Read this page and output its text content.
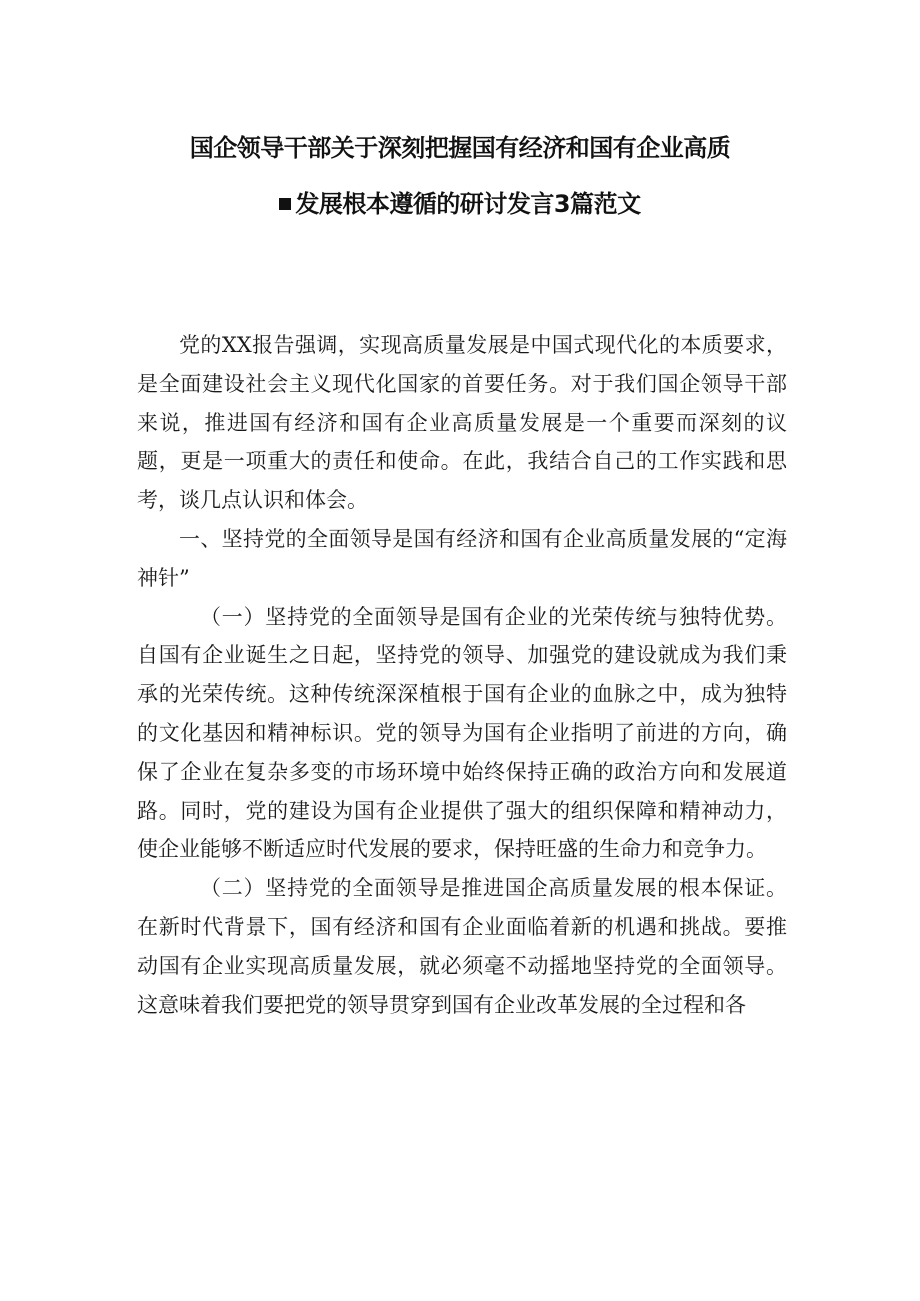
国企领导干部关于深刻把握国有经济和国有企业高质
发展根本遵循的研讨发言3篇范文

党的XX报告强调，实现高质量发展是中国式现代化的本质要求，是全面建设社会主义现代化国家的首要任务。对于我们国企领导干部来说，推进国有经济和国有企业高质量发展是一个重要而深刻的议题，更是一项重大的责任和使命。在此，我结合自己的工作实践和思考，谈几点认识和体会。

一、坚持党的全面领导是国有经济和国有企业高质量发展的“定海神针”

（一）坚持党的全面领导是国有企业的光荣传统与独特优势。自国有企业诞生之日起，坚持党的领导、加强党的建设就成为我们秉承的光荣传统。这种传统深深植根于国有企业的血脉之中，成为独特的文化基因和精神标识。党的领导为国有企业指明了前进的方向，确保了企业在复杂多变的市场环境中始终保持正确的政治方向和发展道路。同时，党的建设为国有企业提供了强大的组织保障和精神动力，使企业能够不断适应时代发展的要求，保持旺盛的生命力和竞争力。

（二）坚持党的全面领导是推进国企高质量发展的根本保证。在新时代背景下，国有经济和国有企业面临着新的机遇和挑战。要推动国有企业实现高质量发展，就必须毫不动摇地坚持党的全面领导。这意味着我们要把党的领导贯穿到国有企业改革发展的全过程和各
